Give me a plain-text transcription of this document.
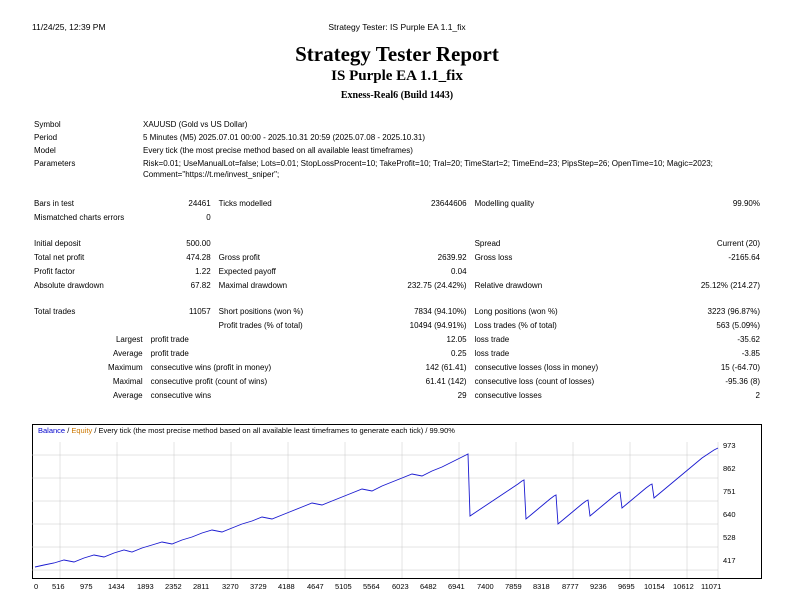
11/24/25, 12:39 PM	Strategy Tester: IS Purple EA 1.1_fix
Strategy Tester Report
IS Purple EA 1.1_fix
Exness-Real6 (Build 1443)
Symbol	XAUUSD (Gold vs US Dollar)
Period	5 Minutes (M5) 2025.07.01 00:00 - 2025.10.31 20:59 (2025.07.08 - 2025.10.31)
Model	Every tick (the most precise method based on all available least timeframes)
Parameters	Risk=0.01; UseManualLot=false; Lots=0.01; StopLossProcent=10; TakeProfit=10; Tral=20; TimeStart=2; TimeEnd=23; PipsStep=26; OpenTime=10; Magic=2023; Comment="https://t.me/invest_sniper";
Bars in test	24461	Ticks modelled	23644606	Modelling quality	99.90%
Mismatched charts errors	0				

Initial deposit	500.00			Spread	Current (20)
Total net profit	474.28	Gross profit	2639.92	Gross loss	-2165.64
Profit factor	1.22	Expected payoff	0.04		
Absolute drawdown	67.82	Maximal drawdown	232.75 (24.42%)	Relative drawdown	25.12% (214.27)

Total trades	11057	Short positions (won %)	7834 (94.10%)	Long positions (won %)	3223 (96.87%)
		Profit trades (% of total)	10494 (94.91%)	Loss trades (% of total)	563 (5.09%)
Largest	profit trade		12.05	loss trade	-35.62
Average	profit trade		0.25	loss trade	-3.85
Maximum	consecutive wins (profit in money)		142 (61.41)	consecutive losses (loss in money)	15 (-64.70)
Maximal	consecutive profit (count of wins)		61.41 (142)	consecutive loss (count of losses)	-95.36 (8)
Average	consecutive wins		29	consecutive losses	2
Balance / Equity / Every tick (the most precise method based on all available least timeframes to generate each tick) / 99.90%
973
862
751
640
528
417
0 516 975 1434 1893 2352 2811 3270 3729 4188 4647 5105 5564 6023 6482 6941 7400 7859 8318 8777 9236 9695 10154 10612 11071
